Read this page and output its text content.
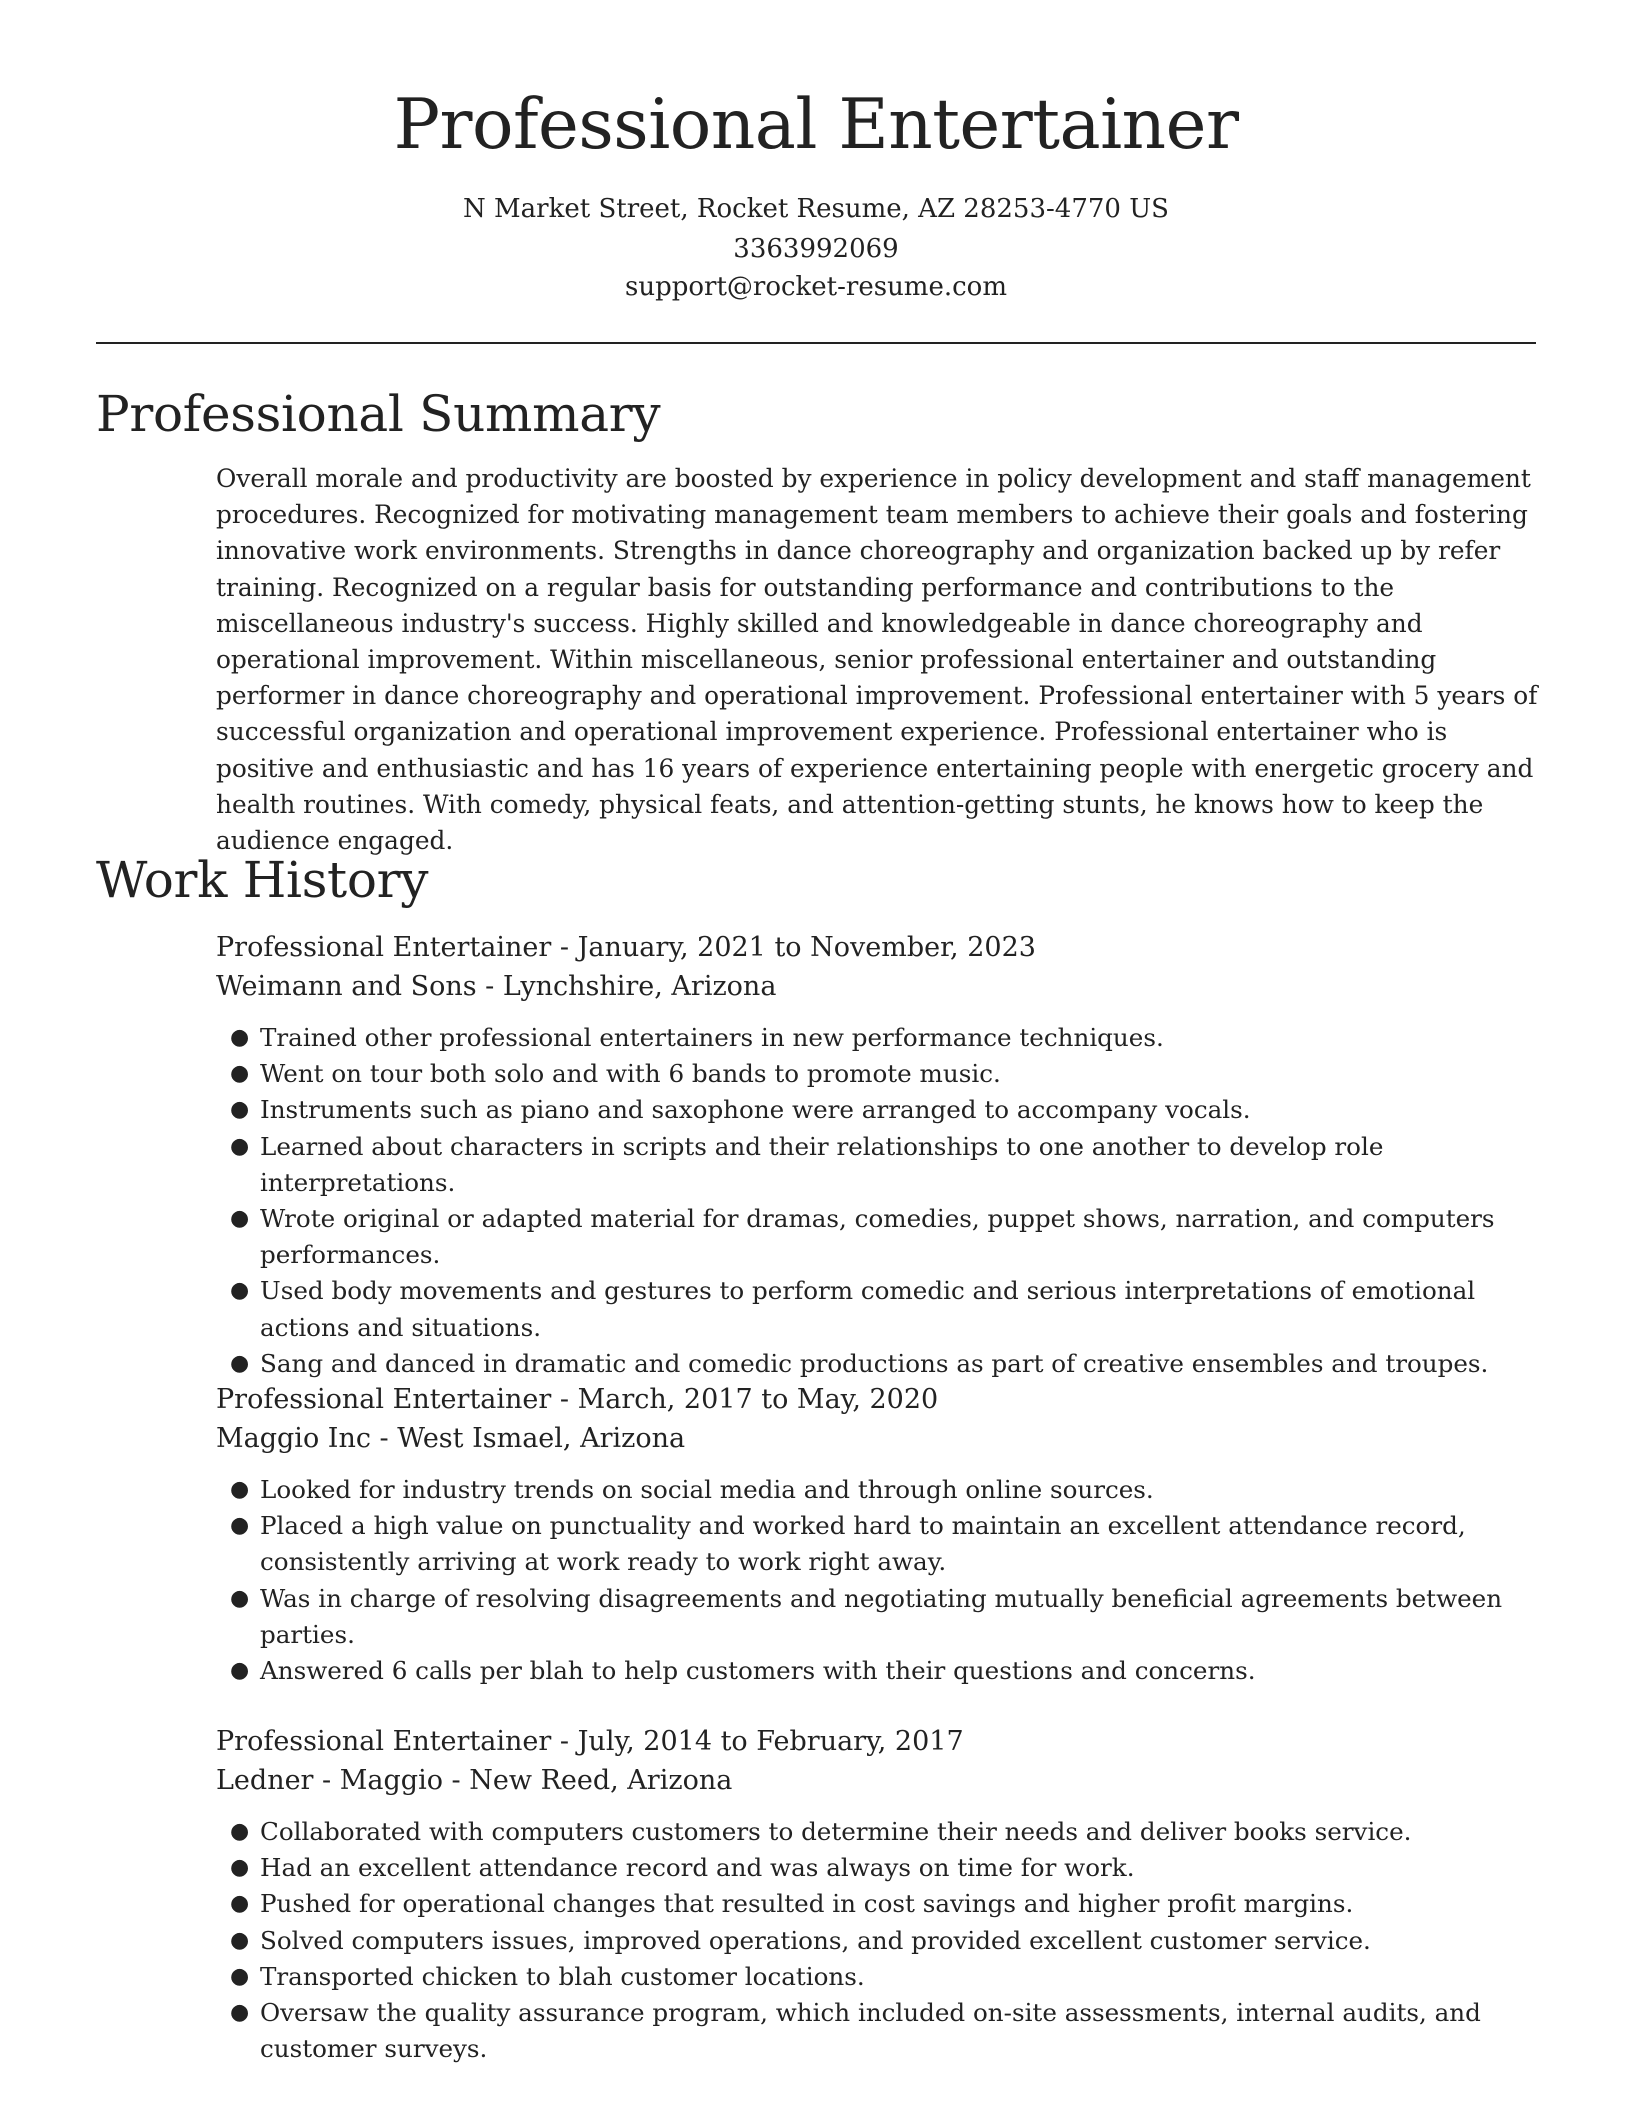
Professional Entertainer

N Market Street, Rocket Resume, AZ 28253-4770 US

3363992069

support@rocket-resume.com

Professional Summary

Overall morale and productivity are boosted by experience in policy development and staff management procedures. Recognized for motivating management team members to achieve their goals and fostering innovative work environments. Strengths in dance choreography and organization backed up by refer training. Recognized on a regular basis for outstanding performance and contributions to the miscellaneous industry's success. Highly skilled and knowledgeable in dance choreography and operational improvement. Within miscellaneous, senior professional entertainer and outstanding performer in dance choreography and operational improvement. Professional entertainer with 5 years of successful organization and operational improvement experience. Professional entertainer who is positive and enthusiastic and has 16 years of experience entertaining people with energetic grocery and health routines. With comedy, physical feats, and attention-getting stunts, he knows how to keep the audience engaged.

Work History

Professional Entertainer - January, 2021 to November, 2023

Weimann and Sons - Lynchshire, Arizona

● Trained other professional entertainers in new performance techniques.
● Went on tour both solo and with 6 bands to promote music.
● Instruments such as piano and saxophone were arranged to accompany vocals.
● Learned about characters in scripts and their relationships to one another to develop role interpretations.
● Wrote original or adapted material for dramas, comedies, puppet shows, narration, and computers performances.
● Used body movements and gestures to perform comedic and serious interpretations of emotional actions and situations.
● Sang and danced in dramatic and comedic productions as part of creative ensembles and troupes.

Professional Entertainer - March, 2017 to May, 2020

Maggio Inc - West Ismael, Arizona

● Looked for industry trends on social media and through online sources.
● Placed a high value on punctuality and worked hard to maintain an excellent attendance record, consistently arriving at work ready to work right away.
● Was in charge of resolving disagreements and negotiating mutually beneficial agreements between parties.
● Answered 6 calls per blah to help customers with their questions and concerns.

Professional Entertainer - July, 2014 to February, 2017

Ledner - Maggio - New Reed, Arizona

● Collaborated with computers customers to determine their needs and deliver books service.
● Had an excellent attendance record and was always on time for work.
● Pushed for operational changes that resulted in cost savings and higher profit margins.
● Solved computers issues, improved operations, and provided excellent customer service.
● Transported chicken to blah customer locations.
● Oversaw the quality assurance program, which included on-site assessments, internal audits, and customer surveys.
